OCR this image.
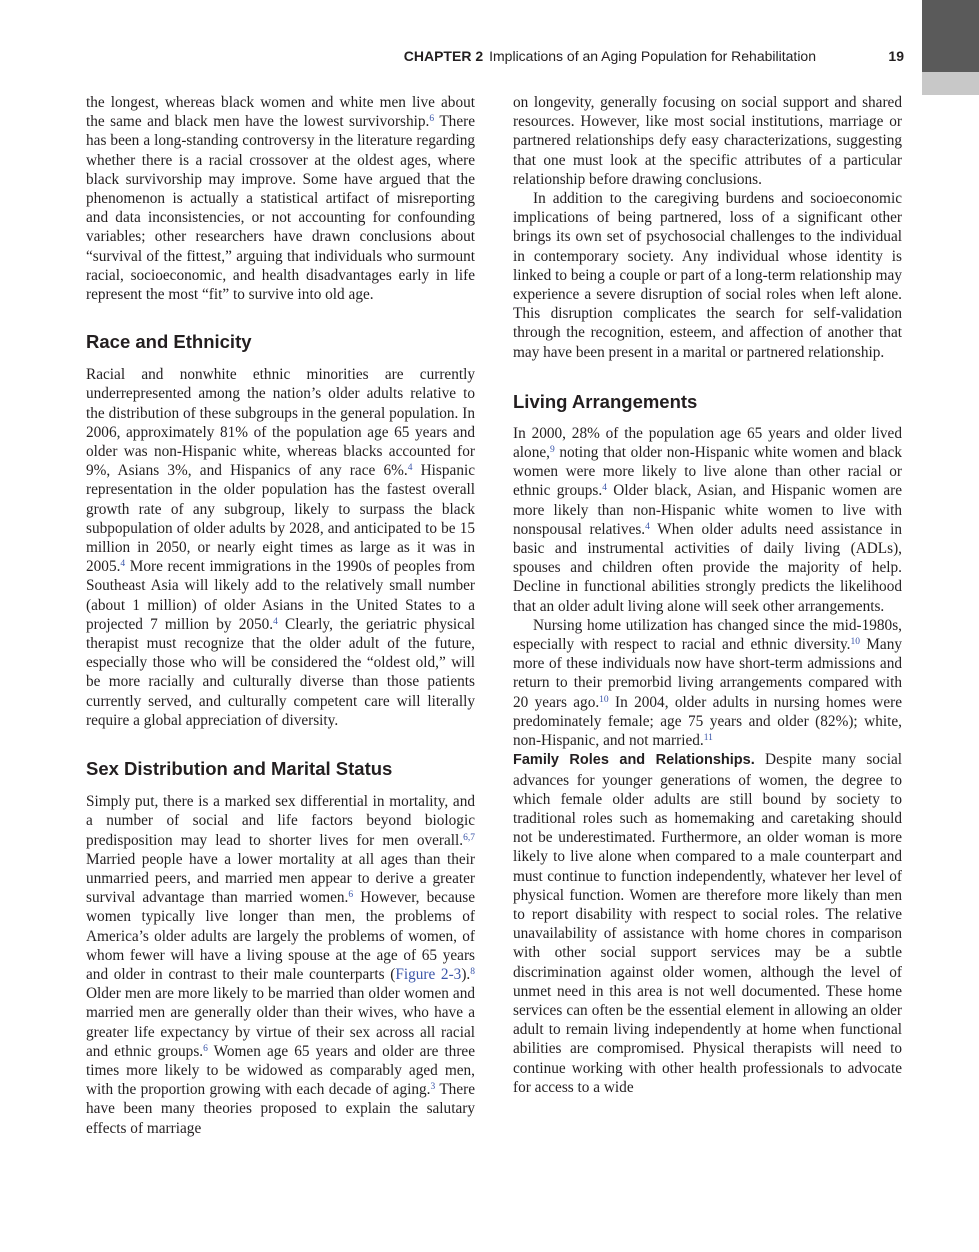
CHAPTER 2 Implications of an Aging Population for Rehabilitation	19

the longest, whereas black women and white men live about the same and black men have the lowest survivorship.$^6$ There has been a long-standing controversy in the literature regarding whether there is a racial crossover at the oldest ages, where black survivorship may improve. Some have argued that the phenomenon is actually a statistical artifact of misreporting and data inconsistencies, or not accounting for confounding variables; other researchers have drawn conclusions about “survival of the fittest,” arguing that individuals who surmount racial, socioeconomic, and health disadvantages early in life represent the most “fit” to survive into old age.

Race and Ethnicity

Racial and nonwhite ethnic minorities are currently underrepresented among the nation’s older adults relative to the distribution of these subgroups in the general population. In 2006, approximately 81% of the population age 65 years and older was non-Hispanic white, whereas blacks accounted for 9%, Asians 3%, and Hispanics of any race 6%.$^4$ Hispanic representation in the older population has the fastest overall growth rate of any subgroup, likely to surpass the black subpopulation of older adults by 2028, and anticipated to be 15 million in 2050, or nearly eight times as large as it was in 2005.$^4$ More recent immigrations in the 1990s of peoples from Southeast Asia will likely add to the relatively small number (about 1 million) of older Asians in the United States to a projected 7 million by 2050.$^4$ Clearly, the geriatric physical therapist must recognize that the older adult of the future, especially those who will be considered the “oldest old,” will be more racially and culturally diverse than those patients currently served, and culturally competent care will literally require a global appreciation of diversity.

Sex Distribution and Marital Status

Simply put, there is a marked sex differential in mortality, and a number of social and life factors beyond biologic predisposition may lead to shorter lives for men overall.$^{6,7}$ Married people have a lower mortality at all ages than their unmarried peers, and married men appear to derive a greater survival advantage than married women.$^6$ However, because women typically live longer than men, the problems of America’s older adults are largely the problems of women, of whom fewer will have a living spouse at the age of 65 years and older in contrast to their male counterparts (Figure 2-3).$^8$ Older men are more likely to be married than older women and married men are generally older than their wives, who have a greater life expectancy by virtue of their sex across all racial and ethnic groups.$^6$ Women age 65 years and older are three times more likely to be widowed as comparably aged men, with the proportion growing with each decade of aging.$^3$ There have been many theories proposed to explain the salutary effects of marriage

on longevity, generally focusing on social support and shared resources. However, like most social institutions, marriage or partnered relationships defy easy characterizations, suggesting that one must look at the specific attributes of a particular relationship before drawing conclusions.

In addition to the caregiving burdens and socioeconomic implications of being partnered, loss of a significant other brings its own set of psychosocial challenges to the individual in contemporary society. Any individual whose identity is linked to being a couple or part of a long-term relationship may experience a severe disruption of social roles when left alone. This disruption complicates the search for self-validation through the recognition, esteem, and affection of another that may have been present in a marital or partnered relationship.

Living Arrangements

In 2000, 28% of the population age 65 years and older lived alone,$^9$ noting that older non-Hispanic white women and black women were more likely to live alone than other racial or ethnic groups.$^4$ Older black, Asian, and Hispanic women are more likely than non-Hispanic white women to live with nonspousal relatives.$^4$ When older adults need assistance in basic and instrumental activities of daily living (ADLs), spouses and children often provide the majority of help. Decline in functional abilities strongly predicts the likelihood that an older adult living alone will seek other arrangements.

Nursing home utilization has changed since the mid-1980s, especially with respect to racial and ethnic diversity.$^{10}$ Many more of these individuals now have short-term admissions and return to their premorbid living arrangements compared with 20 years ago.$^{10}$ In 2004, older adults in nursing homes were predominately female; age 75 years and older (82%); white, non-Hispanic, and not married.$^{11}$

Family Roles and Relationships. Despite many social advances for younger generations of women, the degree to which female older adults are still bound by society to traditional roles such as homemaking and caretaking should not be underestimated. Furthermore, an older woman is more likely to live alone when compared to a male counterpart and must continue to function independently, whatever her level of physical function. Women are therefore more likely than men to report disability with respect to social roles. The relative unavailability of assistance with home chores in comparison with other social support services may be a subtle discrimination against older women, although the level of unmet need in this area is not well documented. These home services can often be the essential element in allowing an older adult to remain living independently at home when functional abilities are compromised. Physical therapists will need to continue working with other health professionals to advocate for access to a wide
